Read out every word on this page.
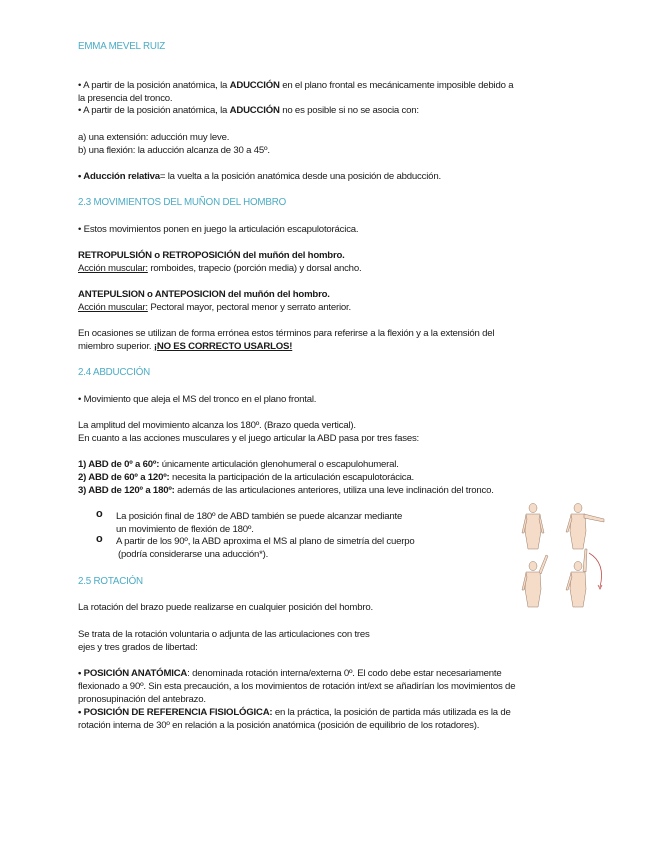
EMMA MEVEL RUIZ
• A partir de la posición anatómica, la ADUCCIÓN en el plano frontal es mecánicamente imposible debido a
la presencia del tronco.
• A partir de la posición anatómica, la ADUCCIÓN no es posible si no se asocia con:
a) una extensión: aducción muy leve.
b) una flexión: la aducción alcanza de 30 a 45º.
• Aducción relativa= la vuelta a la posición anatómica desde una posición de abducción.
2.3 MOVIMIENTOS DEL MUÑON DEL HOMBRO
• Estos movimientos ponen en juego la articulación escapulotorácica.
RETROPULSIÓN o RETROPOSICIÓN del muñón del hombro.
Acción muscular: romboides, trapecio (porción media) y dorsal ancho.
ANTEPULSION o ANTEPOSICION del muñón del hombro.
Acción muscular: Pectoral mayor, pectoral menor y serrato anterior.
En ocasiones se utilizan de forma errónea estos términos para referirse a la flexión y a la extensión del
miembro superior. ¡NO ES CORRECTO USARLOS!
2.4 ABDUCCIÓN
• Movimiento que aleja el MS del tronco en el plano frontal.
La amplitud del movimiento alcanza los 180º. (Brazo queda vertical).
En cuanto a las acciones musculares y el juego articular la ABD pasa por tres fases:
1) ABD de 0º a 60º: únicamente articulación glenohumeral o escapulohumeral.
2) ABD de 60º a 120º: necesita la participación de la articulación escapulotorácica.
3) ABD de 120º a 180º: además de las articulaciones anteriores, utiliza una leve inclinación del tronco.
o La posición final de 180º de ABD también se puede alcanzar mediante
un movimiento de flexión de 180º.
o A partir de los 90º, la ABD aproxima el MS al plano de simetría del cuerpo
(podría considerarse una aducción*).
2.5 ROTACIÓN
La rotación del brazo puede realizarse en cualquier posición del hombro.
Se trata de la rotación voluntaria o adjunta de las articulaciones con tres
ejes y tres grados de libertad:
• POSICIÓN ANATÓMICA: denominada rotación interna/externa 0º. El codo debe estar necesariamente
flexionado a 90º. Sin esta precaución, a los movimientos de rotación int/ext se añadirían los movimientos de
pronosupinación del antebrazo.
• POSICIÓN DE REFERENCIA FISIOLÓGICA: en la práctica, la posición de partida más utilizada es la de
rotación interna de 30º en relación a la posición anatómica (posición de equilibrio de los rotadores).
